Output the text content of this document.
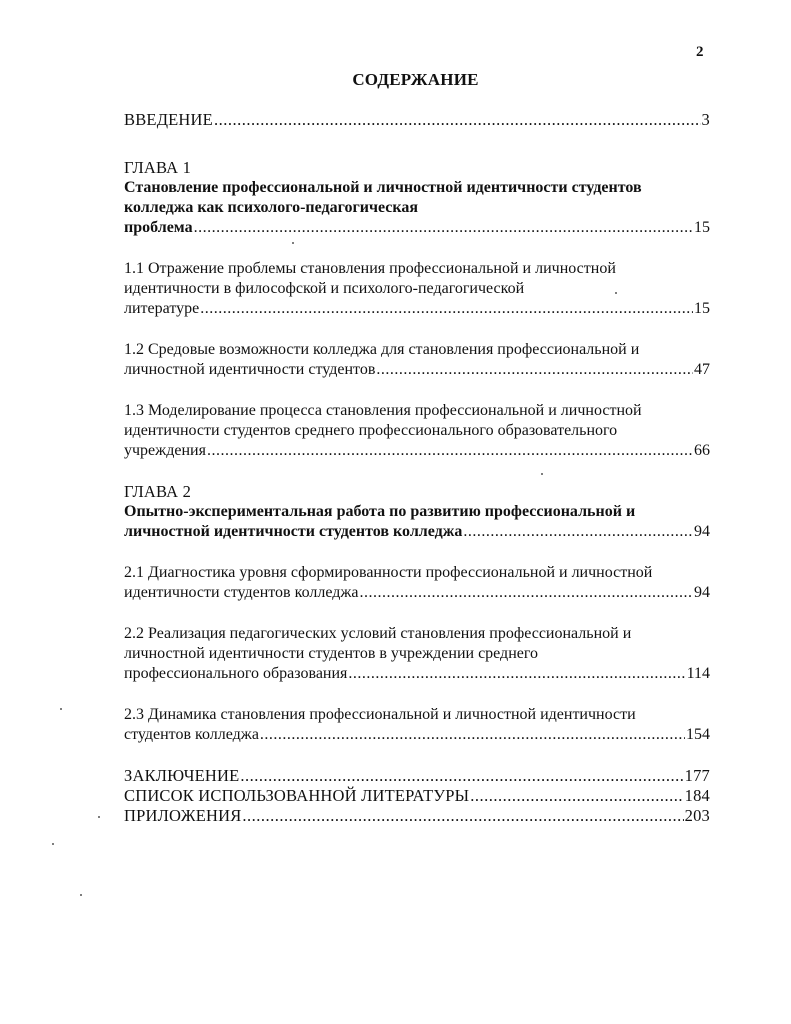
2
СОДЕРЖАНИЕ
ВВЕДЕНИЕ .....	3
ГЛАВА 1
Становление профессиональной и личностной идентичности студентов
колледжа как психолого-педагогическая
проблема .....	15
1.1 Отражение проблемы становления профессиональной и личностной
идентичности в философской и психолого-педагогической
литературе .....	15
1.2 Средовые возможности колледжа для становления профессиональной и
личностной идентичности студентов .....	47
1.3 Моделирование процесса становления профессиональной и личностной
идентичности студентов среднего профессионального образовательного
учреждения .....	66
ГЛАВА 2
Опытно-экспериментальная работа по развитию профессиональной и
личностной идентичности студентов колледжа .....	94
2.1 Диагностика уровня сформированности профессиональной и личностной
идентичности студентов колледжа .....	94
2.2 Реализация педагогических условий становления профессиональной и
личностной идентичности студентов в учреждении среднего
профессионального образования .....	114
2.3 Динамика становления профессиональной и личностной идентичности
студентов колледжа .....	154
ЗАКЛЮЧЕНИЕ .....	177
СПИСОК ИСПОЛЬЗОВАННОЙ ЛИТЕРАТУРЫ .....	184
ПРИЛОЖЕНИЯ .....	203
